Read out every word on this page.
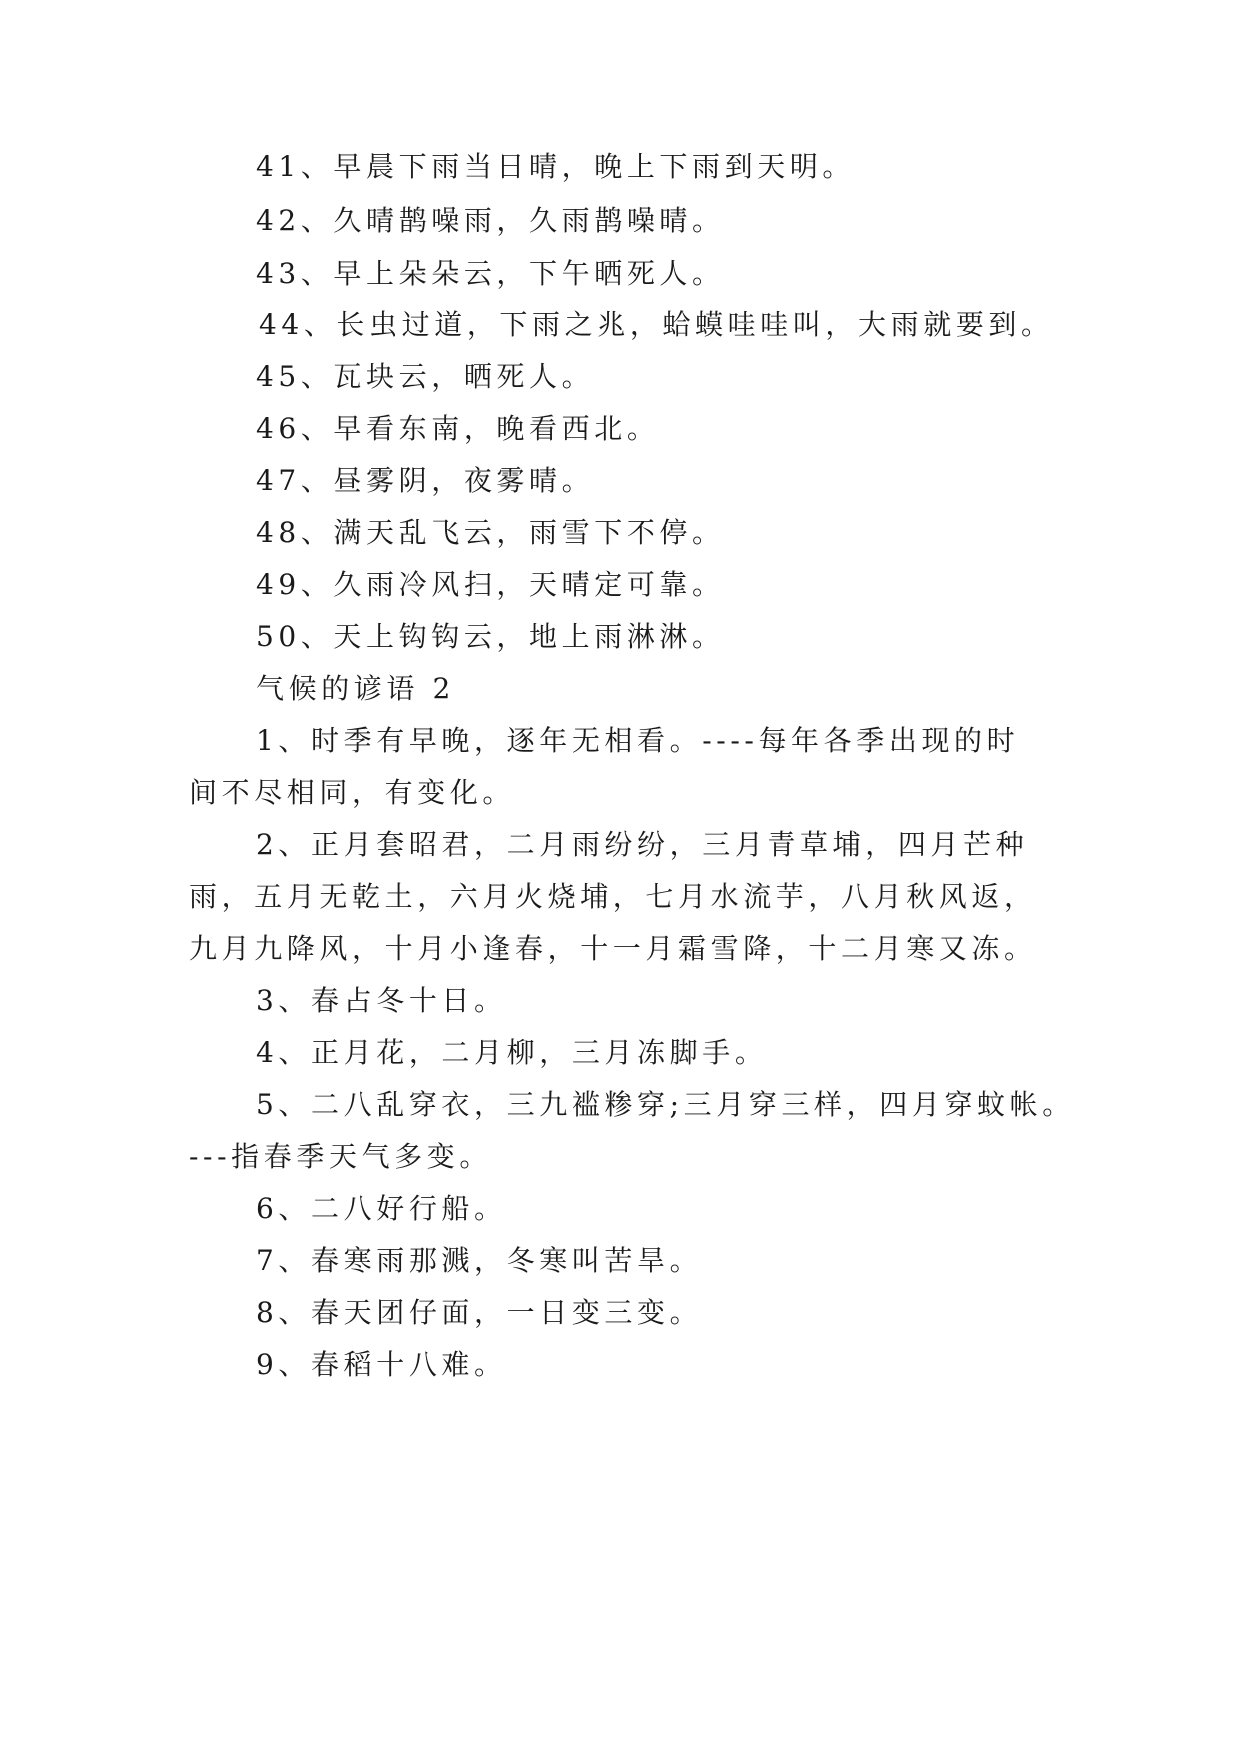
41、早晨下雨当日晴，晚上下雨到天明。
42、久晴鹊噪雨，久雨鹊噪晴。
43、早上朵朵云，下午晒死人。
44、长虫过道，下雨之兆，蛤蟆哇哇叫，大雨就要到。
45、瓦块云，晒死人。
46、早看东南，晚看西北。
47、昼雾阴，夜雾晴。
48、满天乱飞云，雨雪下不停。
49、久雨冷风扫，天晴定可靠。
50、天上钩钩云，地上雨淋淋。
气候的谚语 2
1、时季有早晚，逐年无相看。----每年各季出现的时
间不尽相同，有变化。
2、正月套昭君，二月雨纷纷，三月青草埔，四月芒种
雨，五月无乾土，六月火烧埔，七月水流芋，八月秋风返，
九月九降风，十月小逢春，十一月霜雪降，十二月寒又冻。
3、春占冬十日。
4、正月花，二月柳，三月冻脚手。
5、二八乱穿衣，三九褴糁穿;三月穿三样，四月穿蚊帐。
---指春季天气多变。
6、二八好行船。
7、春寒雨那溅，冬寒叫苦旱。
8、春天团仔面，一日变三变。
9、春稻十八难。
